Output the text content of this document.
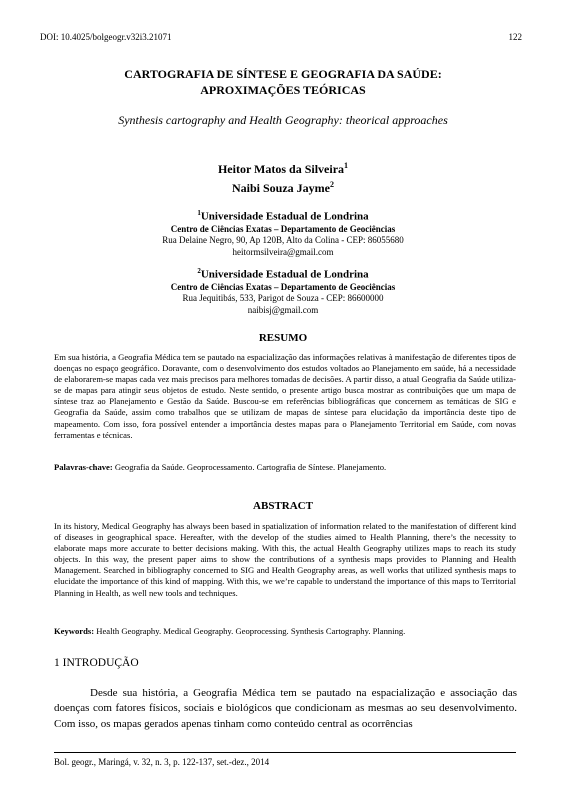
DOI: 10.4025/bolgeogr.v32i3.21071	122
CARTOGRAFIA DE SÍNTESE E GEOGRAFIA DA SAÚDE:
APROXIMAÇÕES TEÓRICAS
Synthesis cartography and Health Geography: theorical approaches
Heitor Matos da Silveira$^1$
Naibi Souza Jayme$^2$
$^1$Universidade Estadual de Londrina
Centro de Ciências Exatas – Departamento de Geociências
Rua Delaine Negro, 90, Ap 120B, Alto da Colina - CEP: 86055680
heitormsilveira@gmail.com
$^2$Universidade Estadual de Londrina
Centro de Ciências Exatas – Departamento de Geociências
Rua Jequitibás, 533, Parigot de Souza - CEP: 86600000
naibisj@gmail.com
RESUMO
Em sua história, a Geografia Médica tem se pautado na espacialização das informações relativas à manifestação de diferentes tipos de doenças no espaço geográfico. Doravante, com o desenvolvimento dos estudos voltados ao Planejamento em saúde, há a necessidade de elaborarem-se mapas cada vez mais precisos para melhores tomadas de decisões. A partir disso, a atual Geografia da Saúde utiliza-se de mapas para atingir seus objetos de estudo. Neste sentido, o presente artigo busca mostrar as contribuições que um mapa de síntese traz ao Planejamento e Gestão da Saúde. Buscou-se em referências bibliográficas que concernem as temáticas de SIG e Geografia da Saúde, assim como trabalhos que se utilizam de mapas de síntese para elucidação da importância deste tipo de mapeamento. Com isso, fora possível entender a importância destes mapas para o Planejamento Territorial em Saúde, com novas ferramentas e técnicas.
Palavras-chave: Geografia da Saúde. Geoprocessamento. Cartografia de Síntese. Planejamento.
ABSTRACT
In its history, Medical Geography has always been based in spatialization of information related to the manifestation of different kind of diseases in geographical space. Hereafter, with the develop of the studies aimed to Health Planning, there’s the necessity to elaborate maps more accurate to better decisions making. With this, the actual Health Geography utilizes maps to reach its study objects. In this way, the present paper aims to show the contributions of a synthesis maps provides to Planning and Health Management. Searched in bibliography concerned to SIG and Health Geography areas, as well works that utilized synthesis maps to elucidate the importance of this kind of mapping. With this, we we’re capable to understand the importance of this maps to Territorial Planning in Health, as well new tools and techniques.
Keywords: Health Geography. Medical Geography. Geoprocessing. Synthesis Cartography. Planning.
1 INTRODUÇÃO
Desde sua história, a Geografia Médica tem se pautado na espacialização e associação das doenças com fatores físicos, sociais e biológicos que condicionam as mesmas ao seu desenvolvimento. Com isso, os mapas gerados apenas tinham como conteúdo central as ocorrências
Bol. geogr., Maringá, v. 32, n. 3, p. 122-137, set.-dez., 2014
